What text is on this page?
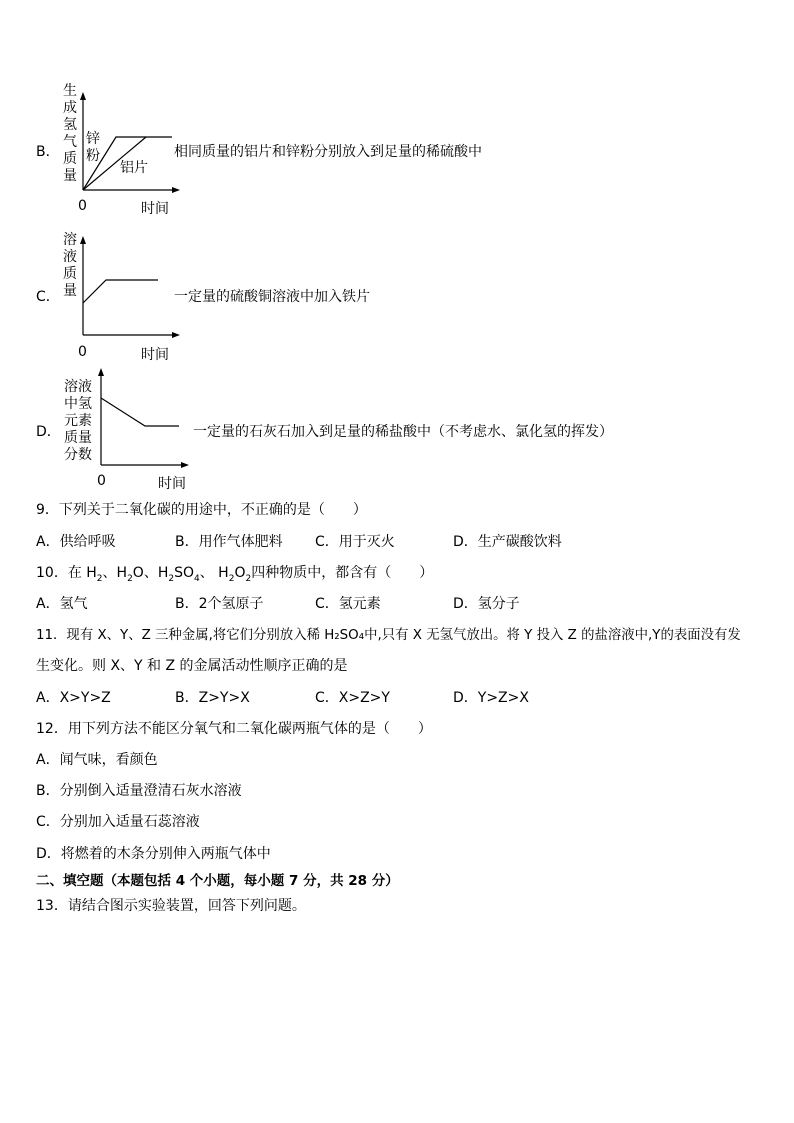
B．
生
成
氢
气
质
量
锌
粉
铝片
0	时间
相同质量的铝片和锌粉分别放入到足量的稀硫酸中
C．
溶
液
质
量
0	时间
一定量的硫酸铜溶液中加入铁片
D．
溶液
中氢
元素
质量
分数
0	时间
一定量的石灰石加入到足量的稀盐酸中（不考虑水、氯化氢的挥发）
9．下列关于二氧化碳的用途中，不正确的是（　　）
A．供给呼吸	B．用作气体肥料 C．用于灭火	D．生产碳酸饮料
10．在 $H_2$、$H_2O$、$H_2SO_4$、 $H_2O_2$四种物质中，都含有（　　）
A．氢气	B．2个氢原子	C．氢元素	D．氢分子
11．现有 X、Y、Z 三种金属,将它们分别放入稀 H₂SO₄中,只有 X 无氢气放出。将 Y 投入 Z 的盐溶液中,Y的表面没有发
生变化。则 X、Y 和 Z 的金属活动性顺序正确的是
A．X>Y>Z	B．Z>Y>X	C．X>Z>Y	D．Y>Z>X
12．用下列方法不能区分氧气和二氧化碳两瓶气体的是（　　）
A．闻气味，看颜色
B．分别倒入适量澄清石灰水溶液
C．分别加入适量石蕊溶液
D．将燃着的木条分别伸入两瓶气体中
二、填空题（本题包括 4 个小题，每小题 7 分，共 28 分）
13．请结合图示实验装置，回答下列问题。
